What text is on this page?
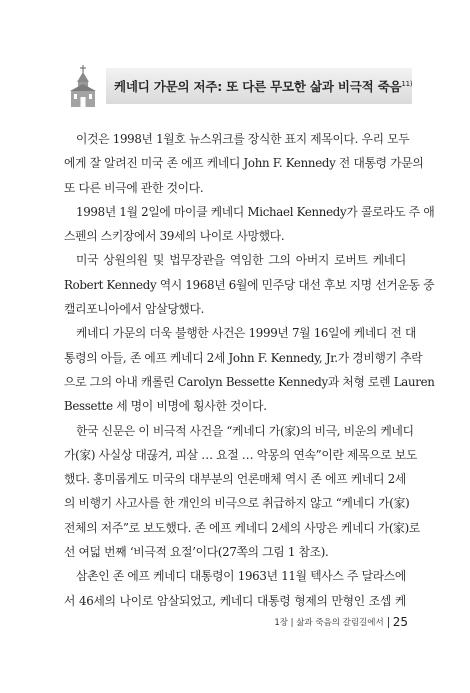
케네디 가문의 저주: 또 다른 무모한 삶과 비극적 죽음$^{11)}$

이것은 1998년 1월호 뉴스위크를 장식한 표지 제목이다. 우리 모두
에게 잘 알려진 미국 존 에프 케네디 John F. Kennedy 전 대통령 가문의
또 다른 비극에 관한 것이다.

1998년 1월 2일에 마이클 케네디 Michael Kennedy가 콜로라도 주 애
스펜의 스키장에서 39세의 나이로 사망했다.

미국 상원의원 및 법무장관을 역임한 그의 아버지 로버트 케네디
Robert Kennedy 역시 1968년 6월에 민주당 대선 후보 지명 선거운동 중
캘리포니아에서 암살당했다.

케네디 가문의 더욱 불행한 사건은 1999년 7월 16일에 케네디 전 대
통령의 아들, 존 에프 케네디 2세 John F. Kennedy, Jr.가 경비행기 추락
으로 그의 아내 캐롤린 Carolyn Bessette Kennedy과 처형 로렌 Lauren
Bessette 세 명이 비명에 횡사한 것이다.

한국 신문은 이 비극적 사건을 “케네디 가(家)의 비극, 비운의 케네디
가(家) 사실상 대끊겨, 피살 … 요절 … 악몽의 연속”이란 제목으로 보도
했다. 홍미롭게도 미국의 대부분의 언론매체 역시 존 에프 케네디 2세
의 비행기 사고사를 한 개인의 비극으로 취급하지 않고 “케네디 가(家)
전체의 저주”로 보도했다. 존 에프 케네디 2세의 사망은 케네디 가(家)로
선 여덟 번째 ‘비극적 요절’이다(27쪽의 그림 1 참조).

삼촌인 존 에프 케네디 대통령이 1963년 11월 텍사스 주 달라스에
서 46세의 나이로 암살되었고, 케네디 대통령 형제의 만형인 조셉 케

1장 | 삶과 죽음의 갈림길에서 25
